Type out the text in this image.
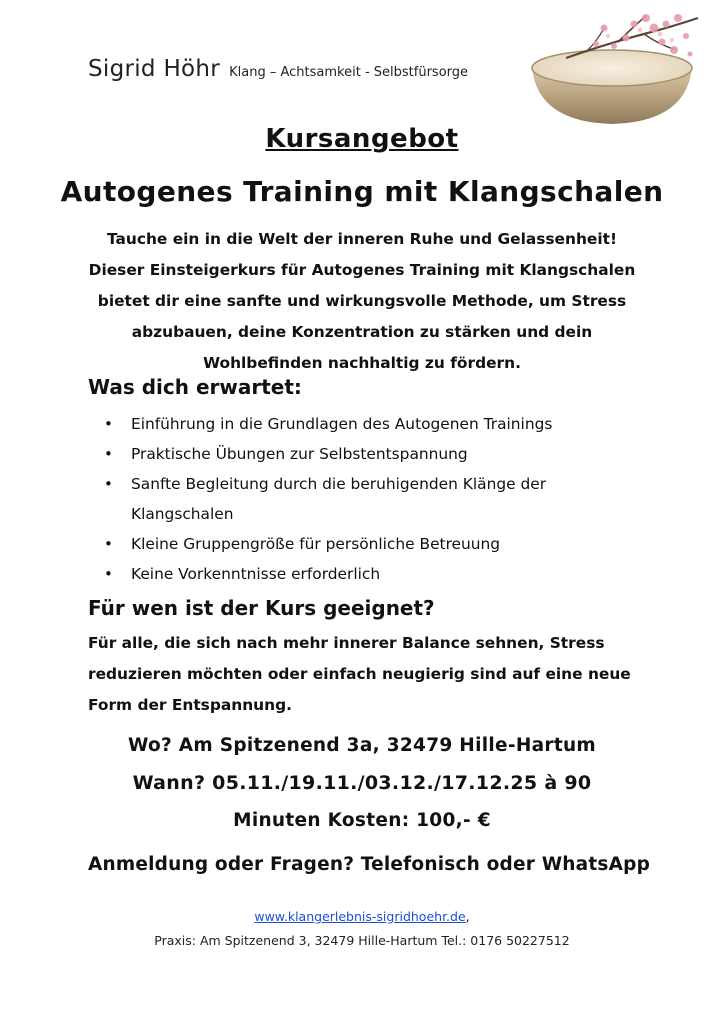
Sigrid Höhr Klang – Achtsamkeit - Selbstfürsorge
Kursangebot
Autogenes Training mit Klangschalen

Tauche ein in die Welt der inneren Ruhe und Gelassenheit! Dieser Einsteigerkurs für Autogenes Training mit Klangschalen bietet dir eine sanfte und wirkungsvolle Methode, um Stress abzubauen, deine Konzentration zu stärken und dein Wohlbefinden nachhaltig zu fördern.

Was dich erwartet:
• Einführung in die Grundlagen des Autogenen Trainings
• Praktische Übungen zur Selbstentspannung
• Sanfte Begleitung durch die beruhigenden Klänge der Klangschalen
• Kleine Gruppengröße für persönliche Betreuung
• Keine Vorkenntnisse erforderlich
Für wen ist der Kurs geeignet?

Für alle, die sich nach mehr innerer Balance sehnen, Stress reduzieren möchten oder einfach neugierig sind auf eine neue Form der Entspannung.

Wo? Am Spitzenend 3a, 32479 Hille-Hartum
Wann? 05.11./19.11./03.12./17.12.25 à 90
Minuten Kosten: 100,- €
Anmeldung oder Fragen? Telefonisch oder WhatsApp
www.klangerlebnis-sigridhoehr.de,
Praxis: Am Spitzenend 3, 32479 Hille-Hartum Tel.: 0176 50227512
